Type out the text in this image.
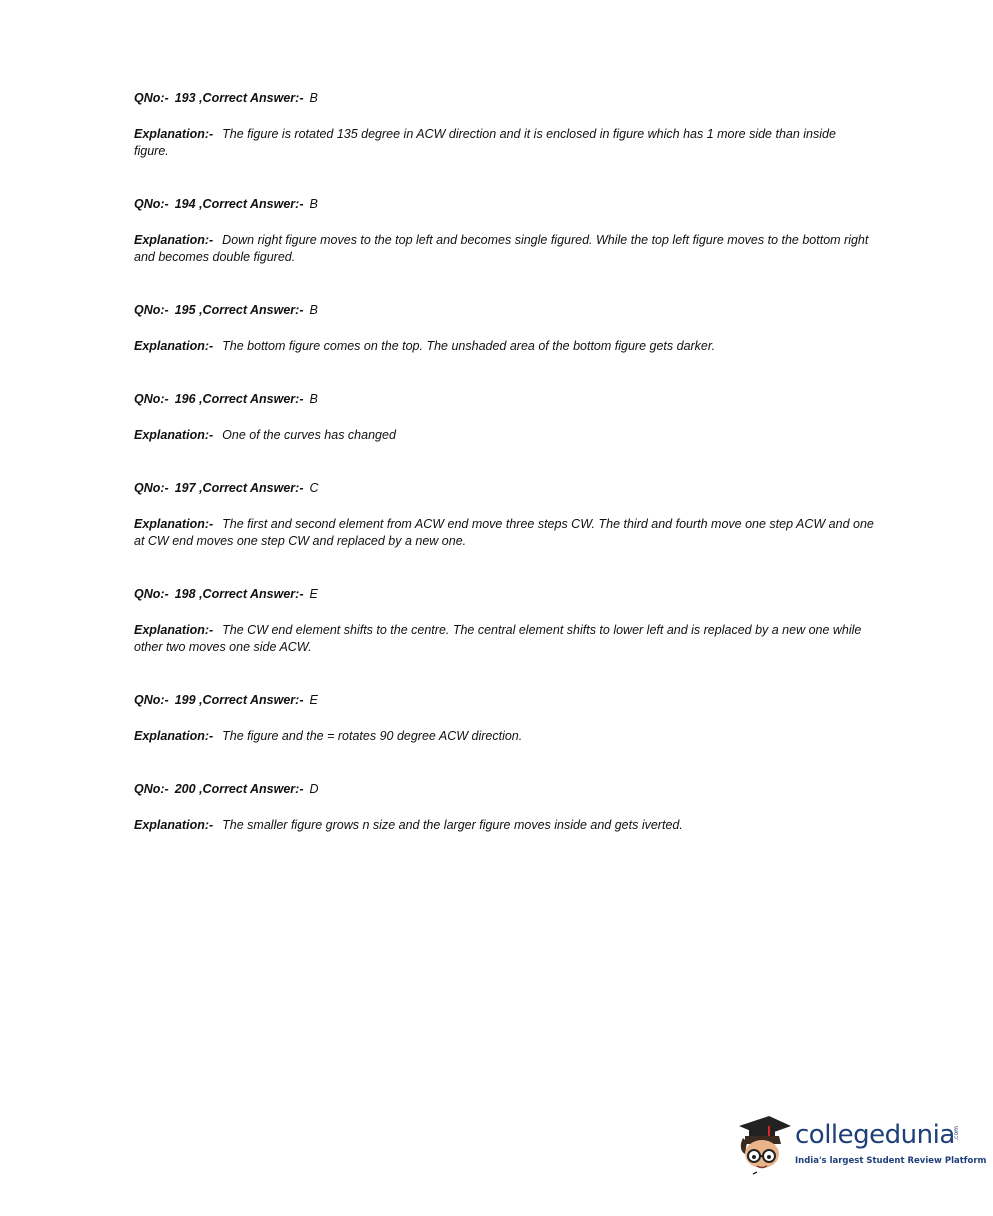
QNo:- 193 ,Correct Answer:- B
Explanation:- The figure is rotated 135 degree in ACW direction and it is enclosed in figure which has 1 more side than inside figure.
QNo:- 194 ,Correct Answer:- B
Explanation:- Down right figure moves to the top left and becomes single figured. While the top left figure moves to the bottom right and becomes double figured.
QNo:- 195 ,Correct Answer:- B
Explanation:- The bottom figure comes on the top. The unshaded area of the bottom figure gets darker.
QNo:- 196 ,Correct Answer:- B
Explanation:- One of the curves has changed
QNo:- 197 ,Correct Answer:- C
Explanation:- The first and second element from ACW end move three steps CW. The third and fourth move one step ACW and one at CW end moves one step CW and replaced by a new one.
QNo:- 198 ,Correct Answer:- E
Explanation:- The CW end element shifts to the centre. The central element shifts to lower left and is replaced by a new one while other two moves one side ACW.
QNo:- 199 ,Correct Answer:- E
Explanation:- The figure and the = rotates 90 degree ACW direction.
QNo:- 200 ,Correct Answer:- D
Explanation:- The smaller figure grows n size and the larger figure moves inside and gets iverted.
collegedunia
.com
India's largest Student Review Platform
